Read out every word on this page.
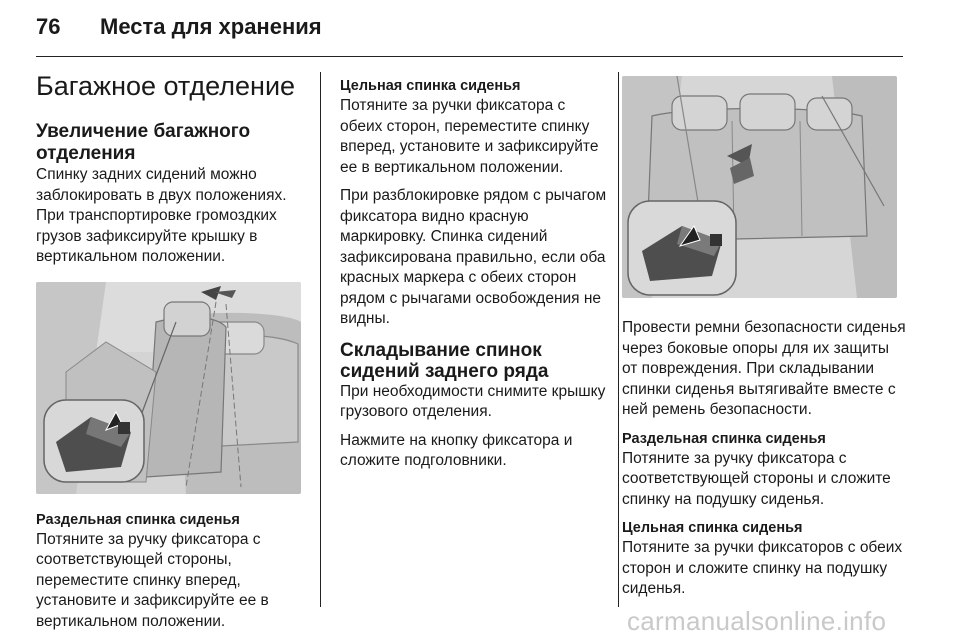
76 Места для хранения
Багажное отделение
Увеличение багажного отделения

Спинку задних сидений можно заблокировать в двух положениях. При транспортировке громоздких грузов зафиксируйте крышку в вертикальном положении.

Раздельная спинка сиденья

Потяните за ручку фиксатора с соответствующей стороны, переместите спинку вперед, установите и зафиксируйте ее в вертикальном положении.

Цельная спинка сиденья

Потяните за ручки фиксатора с обеих сторон, переместите спинку вперед, установите и зафиксируйте ее в вертикальном положении.

При разблокировке рядом с рычагом фиксатора видно красную маркировку. Спинка сидений зафиксирована правильно, если оба красных маркера с обеих сторон рядом с рычагами освобождения не видны.

Складывание спинок сидений заднего ряда

При необходимости снимите крышку грузового отделения.

Нажмите на кнопку фиксатора и сложите подголовники.

Провести ремни безопасности сиденья через боковые опоры для их защиты от повреждения. При складывании спинки сиденья вытягивайте вместе с ней ремень безопасности.

Раздельная спинка сиденья

Потяните за ручку фиксатора с соответствующей стороны и сложите спинку на подушку сиденья.

Цельная спинка сиденья

Потяните за ручки фиксаторов с обеих сторон и сложите спинку на подушку сиденья.

carmanualsonline.info
